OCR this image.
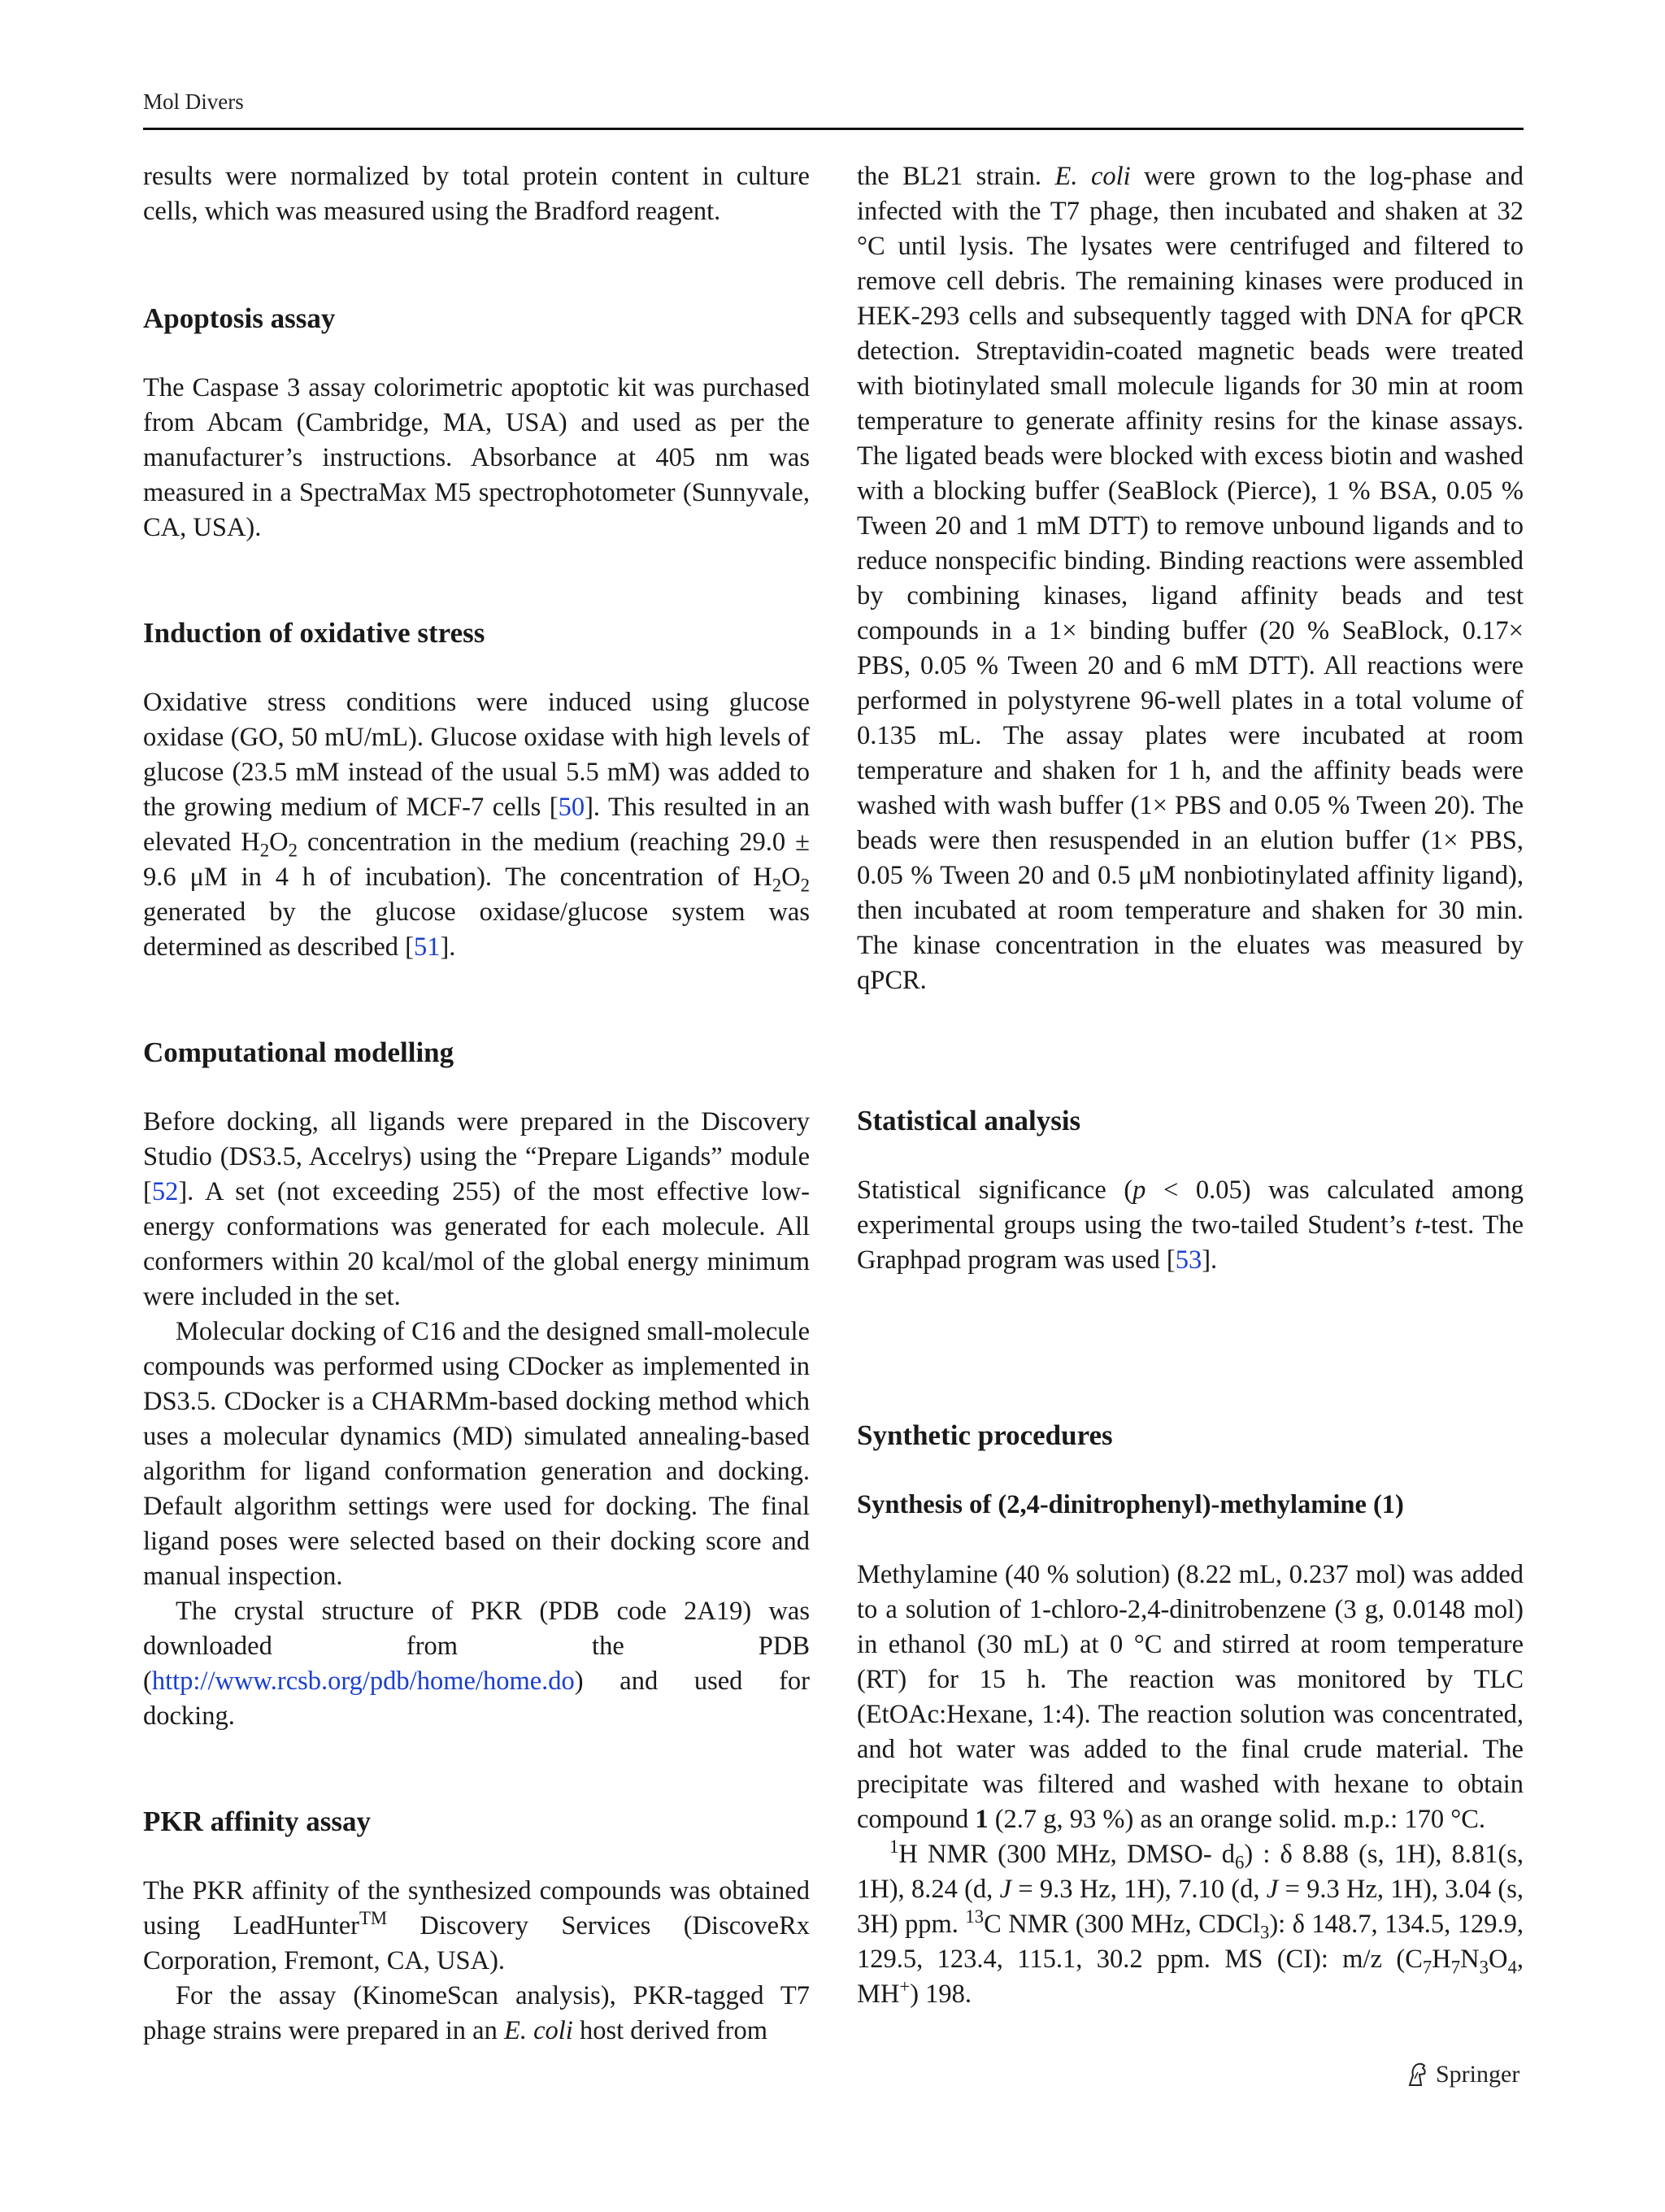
Mol Divers

results were normalized by total protein content in culture cells, which was measured using the Bradford reagent.

Apoptosis assay

The Caspase 3 assay colorimetric apoptotic kit was purchased from Abcam (Cambridge, MA, USA) and used as per the manufacturer’s instructions. Absorbance at 405 nm was measured in a SpectraMax M5 spectrophotometer (Sunnyvale, CA, USA).

Induction of oxidative stress

Oxidative stress conditions were induced using glucose oxidase (GO, 50 mU/mL). Glucose oxidase with high levels of glucose (23.5 mM instead of the usual 5.5 mM) was added to the growing medium of MCF-7 cells [50]. This resulted in an elevated $H_2O_2$ concentration in the medium (reaching 29.0 ± 9.6 μM in 4 h of incubation). The concentration of $H_2O_2$ generated by the glucose oxidase/glucose system was determined as described [51].

Computational modelling

Before docking, all ligands were prepared in the Discovery Studio (DS3.5, Accelrys) using the “Prepare Ligands” module [52]. A set (not exceeding 255) of the most effective low-energy conformations was generated for each molecule. All conformers within 20 kcal/mol of the global energy minimum were included in the set.

Molecular docking of C16 and the designed small-molecule compounds was performed using CDocker as implemented in DS3.5. CDocker is a CHARMm-based docking method which uses a molecular dynamics (MD) simulated annealing-based algorithm for ligand conformation generation and docking. Default algorithm settings were used for docking. The final ligand poses were selected based on their docking score and manual inspection.

The crystal structure of PKR (PDB code 2A19) was downloaded from the PDB (http://www.rcsb.org/pdb/home/home.do) and used for docking.

PKR affinity assay

The PKR affinity of the synthesized compounds was obtained using LeadHunter™ Discovery Services (DiscoveRx Corporation, Fremont, CA, USA).

For the assay (KinomeScan analysis), PKR-tagged T7 phage strains were prepared in an E. coli host derived from

the BL21 strain. E. coli were grown to the log-phase and infected with the T7 phage, then incubated and shaken at 32 °C until lysis. The lysates were centrifuged and filtered to remove cell debris. The remaining kinases were produced in HEK-293 cells and subsequently tagged with DNA for qPCR detection. Streptavidin-coated magnetic beads were treated with biotinylated small molecule ligands for 30 min at room temperature to generate affinity resins for the kinase assays. The ligated beads were blocked with excess biotin and washed with a blocking buffer (SeaBlock (Pierce), 1 % BSA, 0.05 % Tween 20 and 1 mM DTT) to remove unbound ligands and to reduce nonspecific binding. Binding reactions were assembled by combining kinases, ligand affinity beads and test compounds in a 1× binding buffer (20 % SeaBlock, 0.17× PBS, 0.05 % Tween 20 and 6 mM DTT). All reactions were performed in polystyrene 96-well plates in a total volume of 0.135 mL. The assay plates were incubated at room temperature and shaken for 1 h, and the affinity beads were washed with wash buffer (1× PBS and 0.05 % Tween 20). The beads were then resuspended in an elution buffer (1× PBS, 0.05 % Tween 20 and 0.5 μM nonbiotinylated affinity ligand), then incubated at room temperature and shaken for 30 min. The kinase concentration in the eluates was measured by qPCR.

Statistical analysis

Statistical significance (p < 0.05) was calculated among experimental groups using the two-tailed Student’s t-test. The Graphpad program was used [53].

Synthetic procedures
Synthesis of (2,4-dinitrophenyl)-methylamine (1)

Methylamine (40 % solution) (8.22 mL, 0.237 mol) was added to a solution of 1-chloro-2,4-dinitrobenzene (3 g, 0.0148 mol) in ethanol (30 mL) at 0 °C and stirred at room temperature (RT) for 15 h. The reaction was monitored by TLC (EtOAc:Hexane, 1:4). The reaction solution was concentrated, and hot water was added to the final crude material. The precipitate was filtered and washed with hexane to obtain compound 1 (2.7 g, 93 %) as an orange solid. m.p.: 170 °C.

$^1$H NMR (300 MHz, DMSO- $d_6$) : δ 8.88 (s, 1H), 8.81(s, 1H), 8.24 (d, J = 9.3 Hz, 1H), 7.10 (d, J = 9.3 Hz, 1H), 3.04 (s, 3H) ppm. $^{13}$C NMR (300 MHz, CDCl$_3$): δ 148.7, 134.5, 129.9, 129.5, 123.4, 115.1, 30.2 ppm. MS (CI): m/z ($C_7H_7N_3O_4$, MH+) 198.

Springer
